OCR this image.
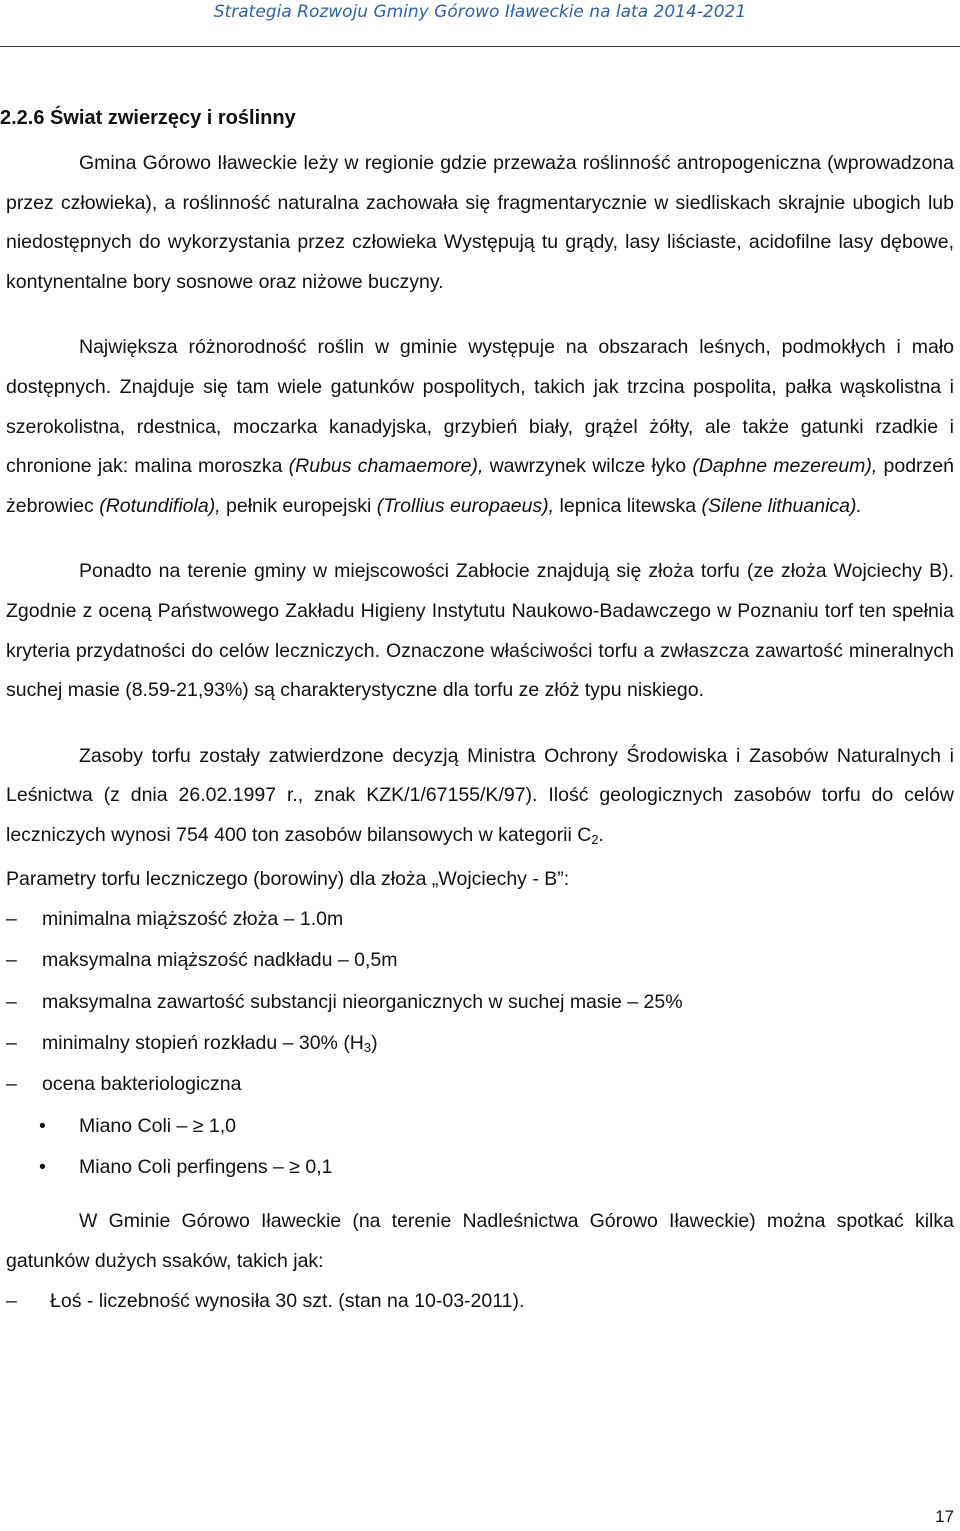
Strategia Rozwoju Gminy Górowo Iławeckie na lata 2014-2021
2.2.6 Świat zwierzęcy i roślinny

Gmina Górowo Iławeckie leży w regionie gdzie przeważa roślinność antropogeniczna (wprowadzona przez człowieka), a roślinność naturalna zachowała się fragmentarycznie w siedliskach skrajnie ubogich lub niedostępnych do wykorzystania przez człowieka Występują tu grądy, lasy liściaste, acidofilne lasy dębowe, kontynentalne bory sosnowe oraz niżowe buczyny.

Największa różnorodność roślin w gminie występuje na obszarach leśnych, podmokłych i mało dostępnych. Znajduje się tam wiele gatunków pospolitych, takich jak trzcina pospolita, pałka wąskolistna i szerokolistna, rdestnica, moczarka kanadyjska, grzybień biały, grążel żółty, ale także gatunki rzadkie i chronione jak: malina moroszka (Rubus chamaemore), wawrzynek wilcze łyko (Daphne mezereum), podrzeń żebrowiec (Rotundifiola), pełnik europejski (Trollius europaeus), lepnica litewska (Silene lithuanica).

Ponadto na terenie gminy w miejscowości Zabłocie znajdują się złoża torfu (ze złoża Wojciechy B). Zgodnie z oceną Państwowego Zakładu Higieny Instytutu Naukowo-Badawczego w Poznaniu torf ten spełnia kryteria przydatności do celów leczniczych. Oznaczone właściwości torfu a zwłaszcza zawartość mineralnych suchej masie (8.59-21,93%) są charakterystyczne dla torfu ze złóż typu niskiego.

Zasoby torfu zostały zatwierdzone decyzją Ministra Ochrony Środowiska i Zasobów Naturalnych i Leśnictwa (z dnia 26.02.1997 r., znak KZK/1/67155/K/97). Ilość geologicznych zasobów torfu do celów leczniczych wynosi 754 400 ton zasobów bilansowych w kategorii $C_2$.

Parametry torfu leczniczego (borowiny) dla złoża „Wojciechy - B”:

–	minimalna miąższość złoża – 1.0m
–	maksymalna miąższość nadkładu – 0,5m
–	maksymalna zawartość substancji nieorganicznych w suchej masie – 25%
–	minimalny stopień rozkładu – 30% $(H_3)$
–	ocena bakteriologiczna
• Miano Coli – ≥ 1,0
• Miano Coli perfingens – ≥ 0,1

W Gminie Górowo Iławeckie (na terenie Nadleśnictwa Górowo Iławeckie) można spotkać kilka gatunków dużych ssaków, takich jak:

–	Łoś - liczebność wynosiła 30 szt. (stan na 10-03-2011).
17
